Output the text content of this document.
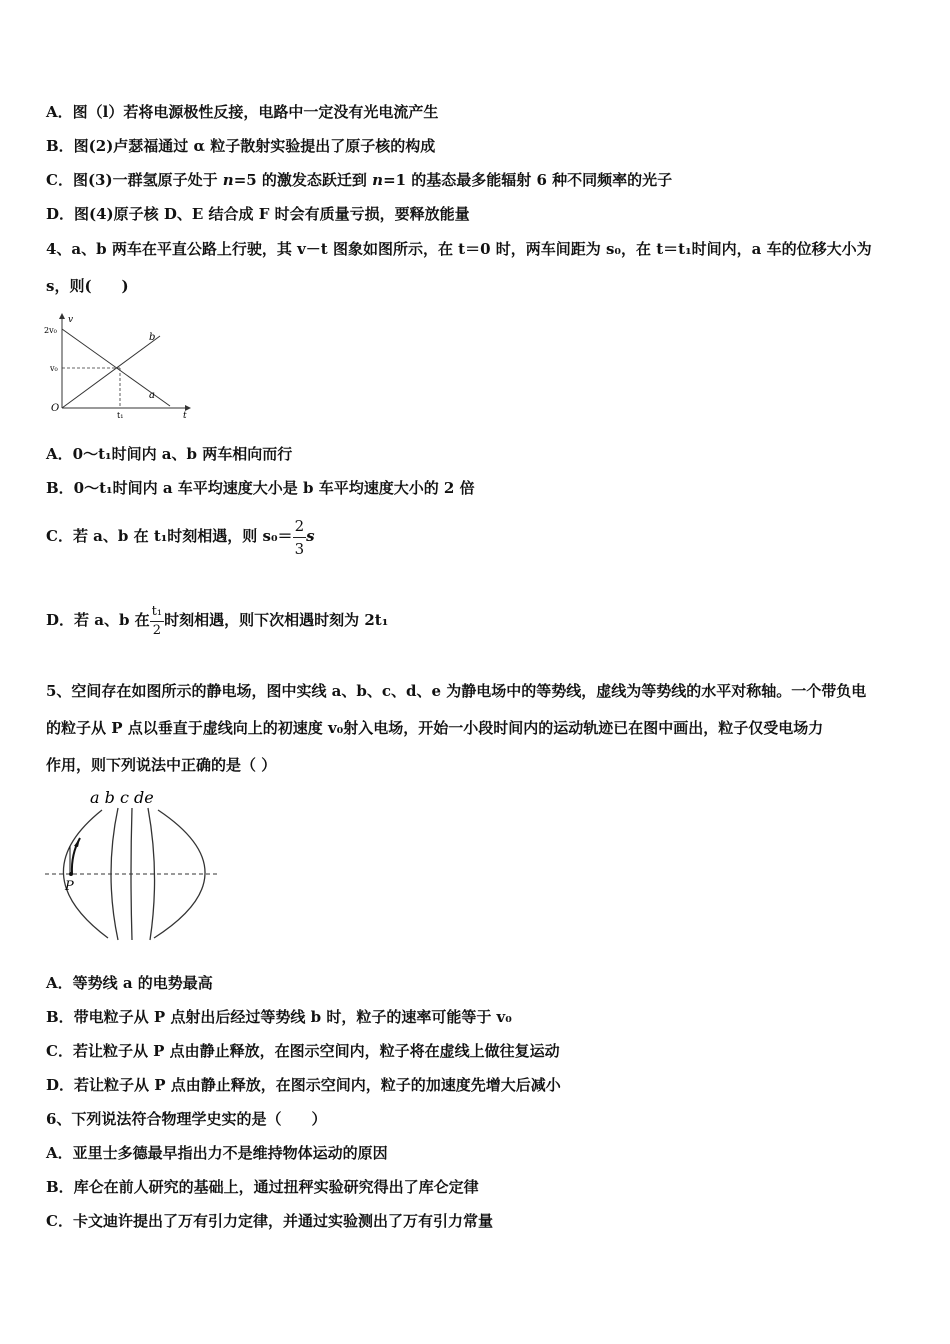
A．图（l）若将电源极性反接，电路中一定没有光电流产生
B．图(2)卢瑟福通过 α 粒子散射实验提出了原子核的构成
C．图(3)一群氢原子处于 n=5 的激发态跃迁到 n=1 的基态最多能辐射 6 种不同频率的光子
D．图(4)原子核 D、E 结合成 F 时会有质量亏损，要释放能量
4、a、b 两车在平直公路上行驶，其 v－t 图象如图所示，在 t＝0 时，两车间距为 s₀，在 t＝t₁时间内，a 车的位移大小为
s，则(　　)
v
t
O
2v₀
v₀
t₁
b
a
A．0～t₁时间内 a、b 两车相向而行
B．0～t₁时间内 a 车平均速度大小是 b 车平均速度大小的 2 倍
C．若 a、b 在 t₁时刻相遇，则 $s_0= \frac{2}{3}$ s
D．若 a、b 在 $\frac{\text{t₁}}{2}$ 时刻相遇，则下次相遇时刻为 2t₁
5、空间存在如图所示的静电场，图中实线 a、b、c、d、e 为静电场中的等势线，虚线为等势线的水平对称轴。一个带负电
的粒子从 P 点以垂直于虚线向上的初速度 v₀射入电场，开始一小段时间内的运动轨迹已在图中画出，粒子仅受电场力
作用，则下列说法中正确的是（ ）
a b c de
P
A．等势线 a 的电势最高
B．带电粒子从 P 点射出后经过等势线 b 时，粒子的速率可能等于 v₀
C．若让粒子从 P 点由静止释放，在图示空间内，粒子将在虚线上做往复运动
D．若让粒子从 P 点由静止释放，在图示空间内，粒子的加速度先增大后减小
6、下列说法符合物理学史实的是（　　）
A．亚里士多德最早指出力不是维持物体运动的原因
B．库仑在前人研究的基础上，通过扭秤实验研究得出了库仑定律
C．卡文迪许提出了万有引力定律，并通过实验测出了万有引力常量
